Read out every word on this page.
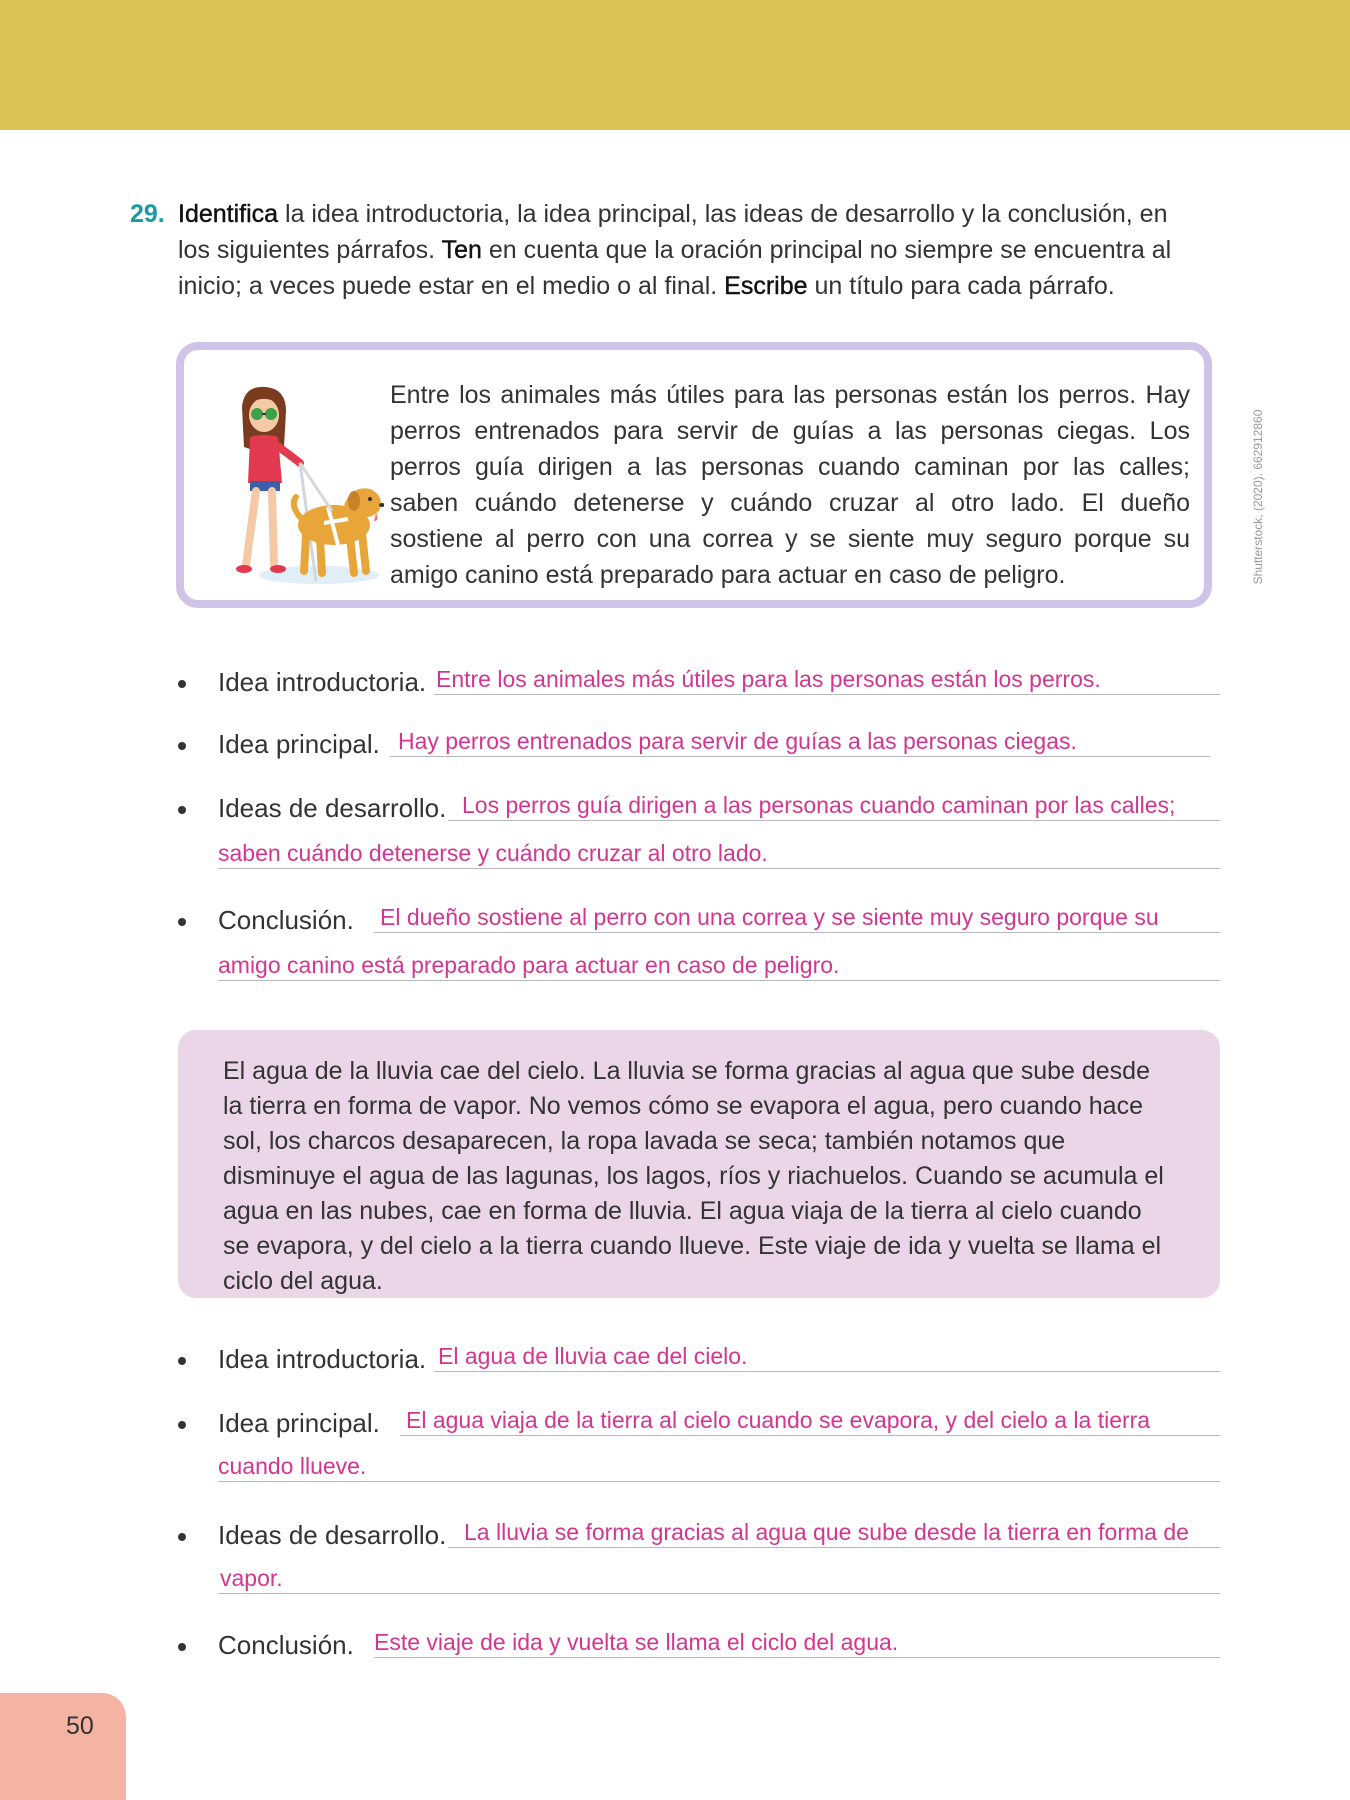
29. Identifica la idea introductoria, la idea principal, las ideas de desarrollo y la conclusión, en
los siguientes párrafos. Ten en cuenta que la oración principal no siempre se encuentra al
inicio; a veces puede estar en el medio o al final. Escribe un título para cada párrafo.
Entre los animales más útiles para las personas están los perros. Hay perros entrenados para servir de guías a las personas ciegas. Los perros guía dirigen a las personas cuando caminan por las calles; saben cuándo detenerse y cuándo cruzar al otro lado. El dueño sostiene al perro con una correa y se siente muy seguro porque su amigo canino está preparado para actuar en caso de peligro.	Shutterstock, (2020). 662912860
Idea introductoria. Entre los animales más útiles para las personas están los perros.
Idea principal. Hay perros entrenados para servir de guías a las personas ciegas.
Ideas de desarrollo. Los perros guía dirigen a las personas cuando caminan por las calles;
saben cuándo detenerse y cuándo cruzar al otro lado.
Conclusión. El dueño sostiene al perro con una correa y se siente muy seguro porque su
amigo canino está preparado para actuar en caso de peligro.
El agua de la lluvia cae del cielo. La lluvia se forma gracias al agua que sube desde la tierra en forma de vapor. No vemos cómo se evapora el agua, pero cuando hace sol, los charcos desaparecen, la ropa lavada se seca; también notamos que disminuye el agua de las lagunas, los lagos, ríos y riachuelos. Cuando se acumula el agua en las nubes, cae en forma de lluvia. El agua viaja de la tierra al cielo cuando se evapora, y del cielo a la tierra cuando llueve. Este viaje de ida y vuelta se llama el ciclo del agua.
Idea introductoria. El agua de lluvia cae del cielo.
Idea principal. El agua viaja de la tierra al cielo cuando se evapora, y del cielo a la tierra
cuando llueve.
Ideas de desarrollo. La lluvia se forma gracias al agua que sube desde la tierra en forma de
vapor.
Conclusión. Este viaje de ida y vuelta se llama el ciclo del agua.
50
